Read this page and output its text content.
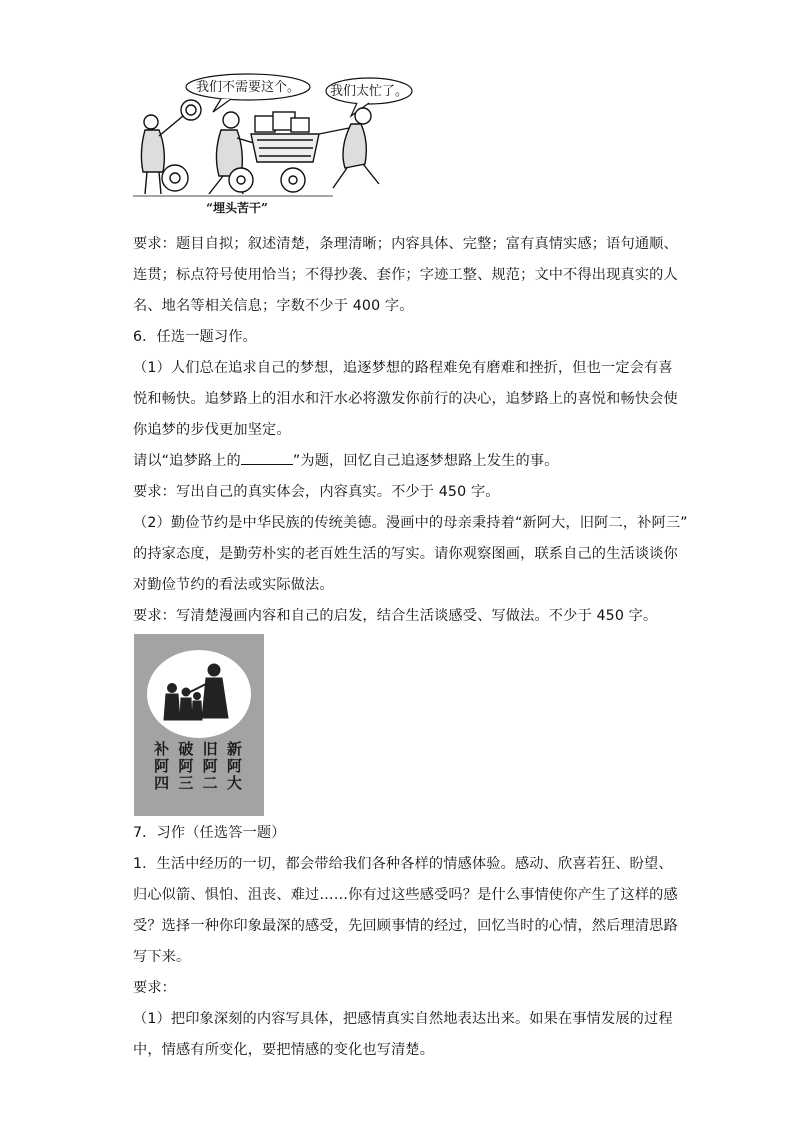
我们不需要这个。 我们太忙了。
“埋头苦干”
要求：题目自拟；叙述清楚，条理清晰；内容具体、完整；富有真情实感；语句通顺、
连贯；标点符号使用恰当；不得抄袭、套作；字迹工整、规范；文中不得出现真实的人
名、地名等相关信息；字数不少于 400 字。
6．任选一题习作。
（1）人们总在追求自己的梦想，追逐梦想的路程难免有磨难和挫折，但也一定会有喜
悦和畅快。追梦路上的泪水和汗水必将激发你前行的决心，追梦路上的喜悦和畅快会使
你追梦的步伐更加坚定。
请以“追梦路上的	”为题，回忆自己追逐梦想路上发生的事。
要求：写出自己的真实体会，内容真实。不少于 450 字。
（2）勤俭节约是中华民族的传统美德。漫画中的母亲秉持着“新阿大，旧阿二，补阿三”
的持家态度，是勤劳朴实的老百姓生活的写实。请你观察图画，联系自己的生活谈谈你
对勤俭节约的看法或实际做法。
要求：写清楚漫画内容和自己的启发，结合生活谈感受、写做法。不少于 450 字。
补 破 旧 新
阿 阿 阿 阿
四 三 二 大
7．习作（任选答一题）
1．生活中经历的一切，都会带给我们各种各样的情感体验。感动、欣喜若狂、盼望、
归心似箭、惧怕、沮丧、难过……你有过这些感受吗？是什么事情使你产生了这样的感
受？选择一种你印象最深的感受，先回顾事情的经过，回忆当时的心情，然后理清思路
写下来。
要求：
（1）把印象深刻的内容写具体，把感情真实自然地表达出来。如果在事情发展的过程
中，情感有所变化，要把情感的变化也写清楚。
